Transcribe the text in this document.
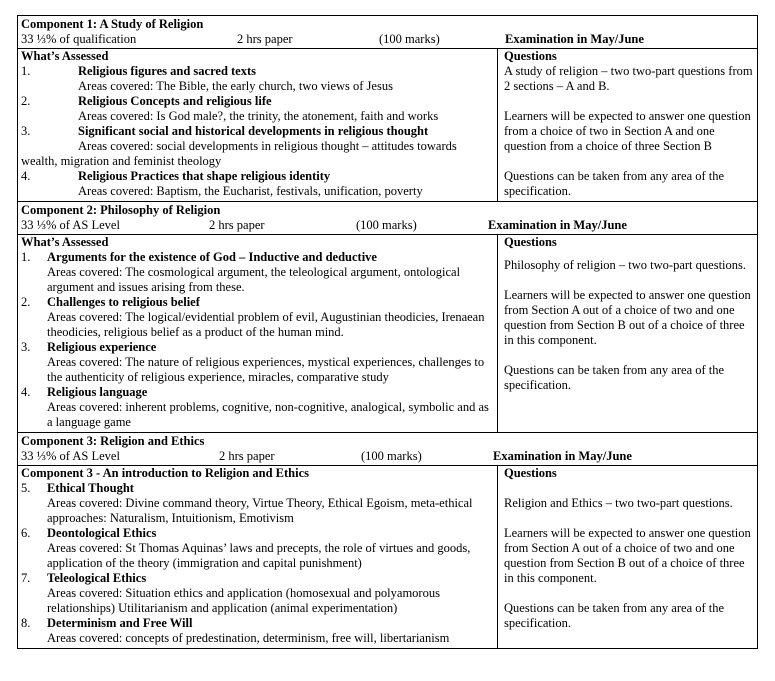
Component 1: A Study of Religion
33 ⅓% of qualification	2 hrs paper	(100 marks)	Examination in May/June
What’s Assessed
1.	Religious figures and sacred texts
Areas covered: The Bible, the early church, two views of Jesus
2.	Religious Concepts and religious life
Areas covered: Is God male?, the trinity, the atonement, faith and works
3.	Significant social and historical developments in religious thought
Areas covered: social developments in religious thought – attitudes towards wealth, migration and feminist theology
4.	Religious Practices that shape religious identity
Areas covered: Baptism, the Eucharist, festivals, unification, poverty
Questions

A study of religion – two two-part questions from 2 sections – A and B.

Learners will be expected to answer one question from a choice of two in Section A and one question from a choice of three Section B

Questions can be taken from any area of the specification.

Component 2: Philosophy of Religion
33 ⅓% of AS Level	2 hrs paper	(100 marks)	Examination in May/June
What’s Assessed
1. Arguments for the existence of God – Inductive and deductive
Areas covered: The cosmological argument, the teleological argument, ontological argument and issues arising from these.
2. Challenges to religious belief
Areas covered: The logical/evidential problem of evil, Augustinian theodicies, Irenaean theodicies, religious belief as a product of the human mind.
3. Religious experience
Areas covered: The nature of religious experiences, mystical experiences, challenges to the authenticity of religious experience, miracles, comparative study
4. Religious language
Areas covered: inherent problems, cognitive, non-cognitive, analogical, symbolic and as a language game
Questions

Philosophy of religion – two two-part questions.

Learners will be expected to answer one question from Section A out of a choice of two and one question from Section B out of a choice of three in this component.

Questions can be taken from any area of the specification.

Component 3: Religion and Ethics
33 ⅓% of AS Level	2 hrs paper	(100 marks)	Examination in May/June
Component 3 - An introduction to Religion and Ethics
5. Ethical Thought
Areas covered: Divine command theory, Virtue Theory, Ethical Egoism, meta-ethical approaches: Naturalism, Intuitionism, Emotivism
6. Deontological Ethics
Areas covered: St Thomas Aquinas’ laws and precepts, the role of virtues and goods, application of the theory (immigration and capital punishment)
7. Teleological Ethics
Areas covered: Situation ethics and application (homosexual and polyamorous relationships) Utilitarianism and application (animal experimentation)
8. Determinism and Free Will
Areas covered: concepts of predestination, determinism, free will, libertarianism
Questions

Religion and Ethics – two two-part questions.

Learners will be expected to answer one question from Section A out of a choice of two and one question from Section B out of a choice of three in this component.

Questions can be taken from any area of the specification.
